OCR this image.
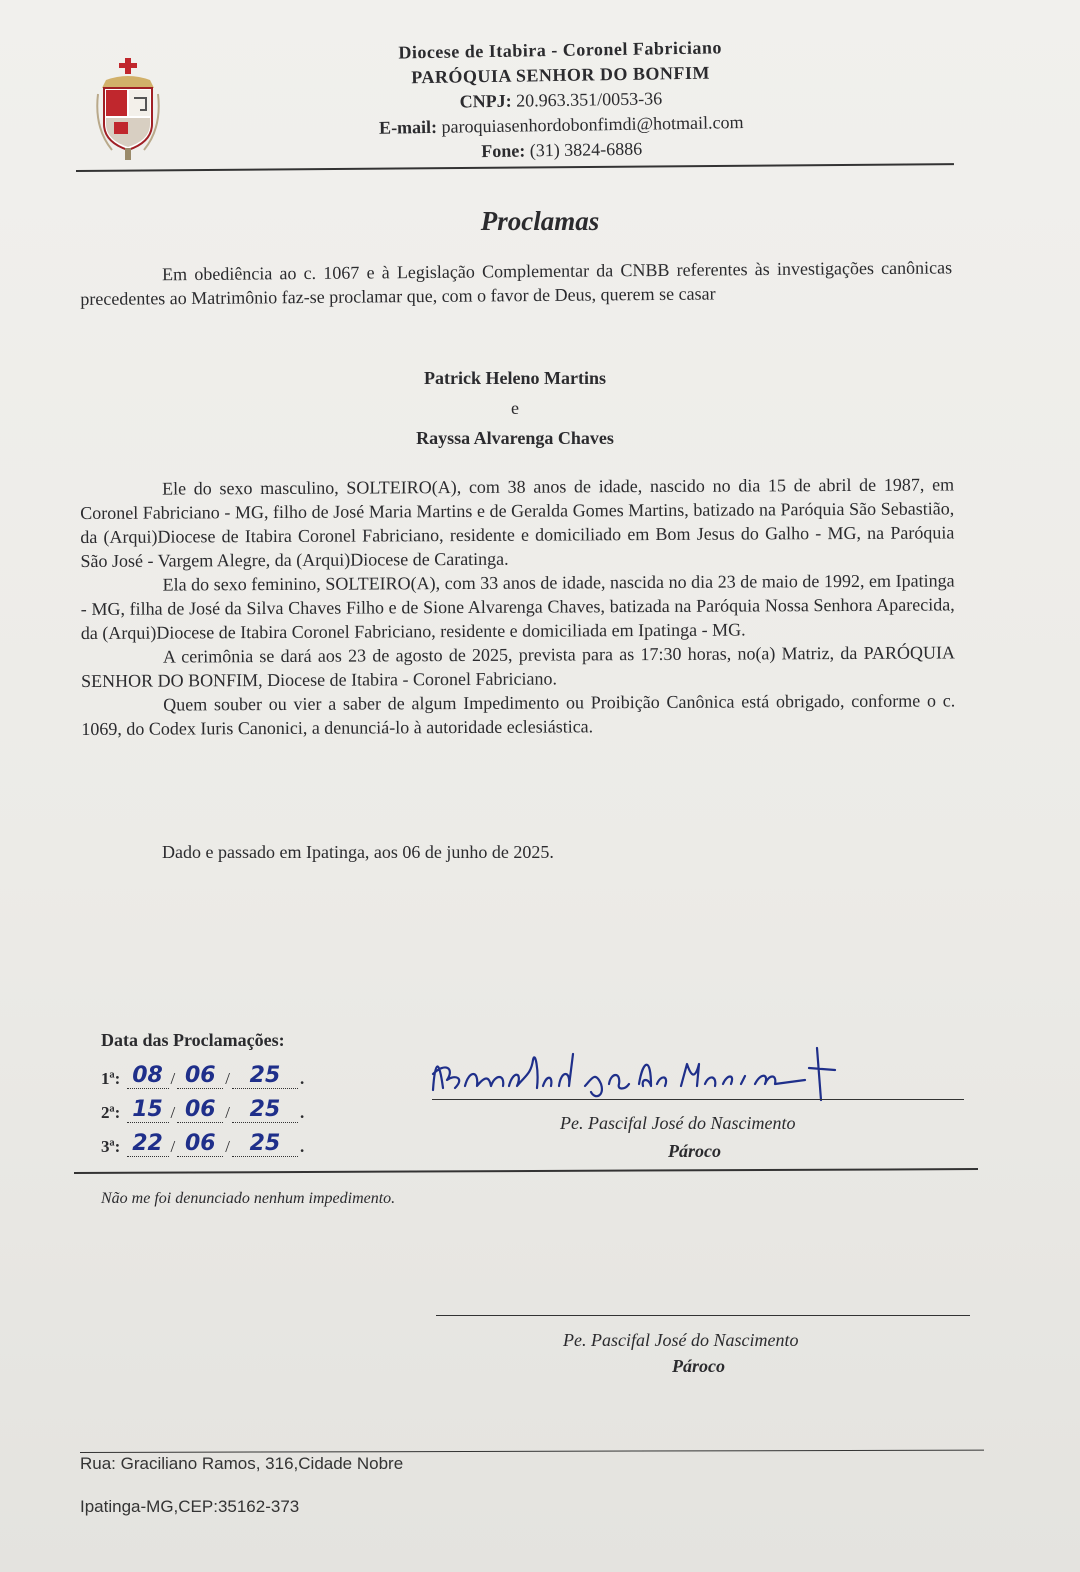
Diocese de Itabira - Coronel Fabriciano
PARÓQUIA SENHOR DO BONFIM
CNPJ: 20.963.351/0053-36
E-mail: paroquiasenhordobonfimdi@hotmail.com
Fone: (31) 3824-6886
Proclamas

Em obediência ao c. 1067 e à Legislação Complementar da CNBB referentes às investigações canônicas precedentes ao Matrimônio faz-se proclamar que, com o favor de Deus, querem se casar

Patrick Heleno Martins
e
Rayssa Alvarenga Chaves

Ele do sexo masculino, SOLTEIRO(A), com 38 anos de idade, nascido no dia 15 de abril de 1987, em Coronel Fabriciano - MG, filho de José Maria Martins e de Geralda Gomes Martins, batizado na Paróquia São Sebastião, da (Arqui)Diocese de Itabira Coronel Fabriciano, residente e domiciliado em Bom Jesus do Galho - MG, na Paróquia São José - Vargem Alegre, da (Arqui)Diocese de Caratinga.

Ela do sexo feminino, SOLTEIRO(A), com 33 anos de idade, nascida no dia 23 de maio de 1992, em Ipatinga - MG, filha de José da Silva Chaves Filho e de Sione Alvarenga Chaves, batizada na Paróquia Nossa Senhora Aparecida, da (Arqui)Diocese de Itabira Coronel Fabriciano, residente e domiciliada em Ipatinga - MG.

A cerimônia se dará aos 23 de agosto de 2025, prevista para as 17:30 horas, no(a) Matriz, da PARÓQUIA SENHOR DO BONFIM, Diocese de Itabira - Coronel Fabriciano.

Quem souber ou vier a saber de algum Impedimento ou Proibição Canônica está obrigado, conforme o c. 1069, do Codex Iuris Canonici, a denunciá-lo à autoridade eclesiástica.

Dado e passado em Ipatinga, aos 06 de junho de 2025.

Data das Proclamações:
1ª:
08 / 06 / 25	.
2ª:
15 / 06 / 25	.
3ª:
22 / 06 / 25	.
Pe. Pascifal José do Nascimento
Pároco
Não me foi denunciado nenhum impedimento.
Pe. Pascifal José do Nascimento
Pároco
Rua: Graciliano Ramos, 316,Cidade Nobre
Ipatinga-MG,CEP:35162-373
